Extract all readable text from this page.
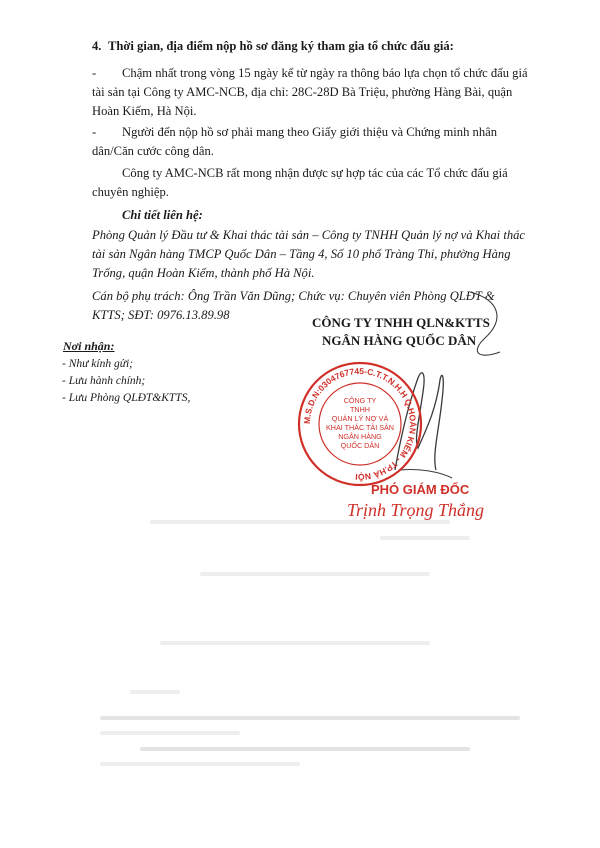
4. Thời gian, địa điểm nộp hồ sơ đăng ký tham gia tổ chức đấu giá:
- Chậm nhất trong vòng 15 ngày kể từ ngày ra thông báo lựa chọn tổ chức đấu giá
tài sản tại Công ty AMC-NCB, địa chỉ: 28C-28D Bà Triệu, phường Hàng Bài, quận
Hoàn Kiếm, Hà Nội.
- Người đến nộp hồ sơ phải mang theo Giấy giới thiệu và Chứng minh nhân
dân/Căn cước công dân.
Công ty AMC-NCB rất mong nhận được sự hợp tác của các Tổ chức đấu giá
chuyên nghiệp.
Chi tiết liên hệ:
Phòng Quản lý Đầu tư & Khai thác tài sản – Công ty TNHH Quản lý nợ và Khai thác
tài sản Ngân hàng TMCP Quốc Dân – Tầng 4, Số 10 phố Tràng Thi, phường Hàng
Trống, quận Hoàn Kiếm, thành phố Hà Nội.
Cán bộ phụ trách: Ông Trần Văn Dũng; Chức vụ: Chuyên viên Phòng QLĐT &
KTTS; SĐT: 0976.13.89.98
Nơi nhận:
- Như kính gửi;
- Lưu hành chính;
- Lưu Phòng QLĐT&KTTS,
CÔNG TY TNHH QLN&KTTS
NGÂN HÀNG QUỐC DÂN
M.S.D.N:0304767745-C.T.T.N.H.H Q.HOÀN KIẾM - TP.HÀ NỘI
CÔNG TY
TNHH
QUẢN LÝ NỢ VÀ
KHAI THÁC TÀI SẢN
NGÂN HÀNG
QUỐC DÂN
PHÓ GIÁM ĐỐC
Trịnh Trọng Thắng
